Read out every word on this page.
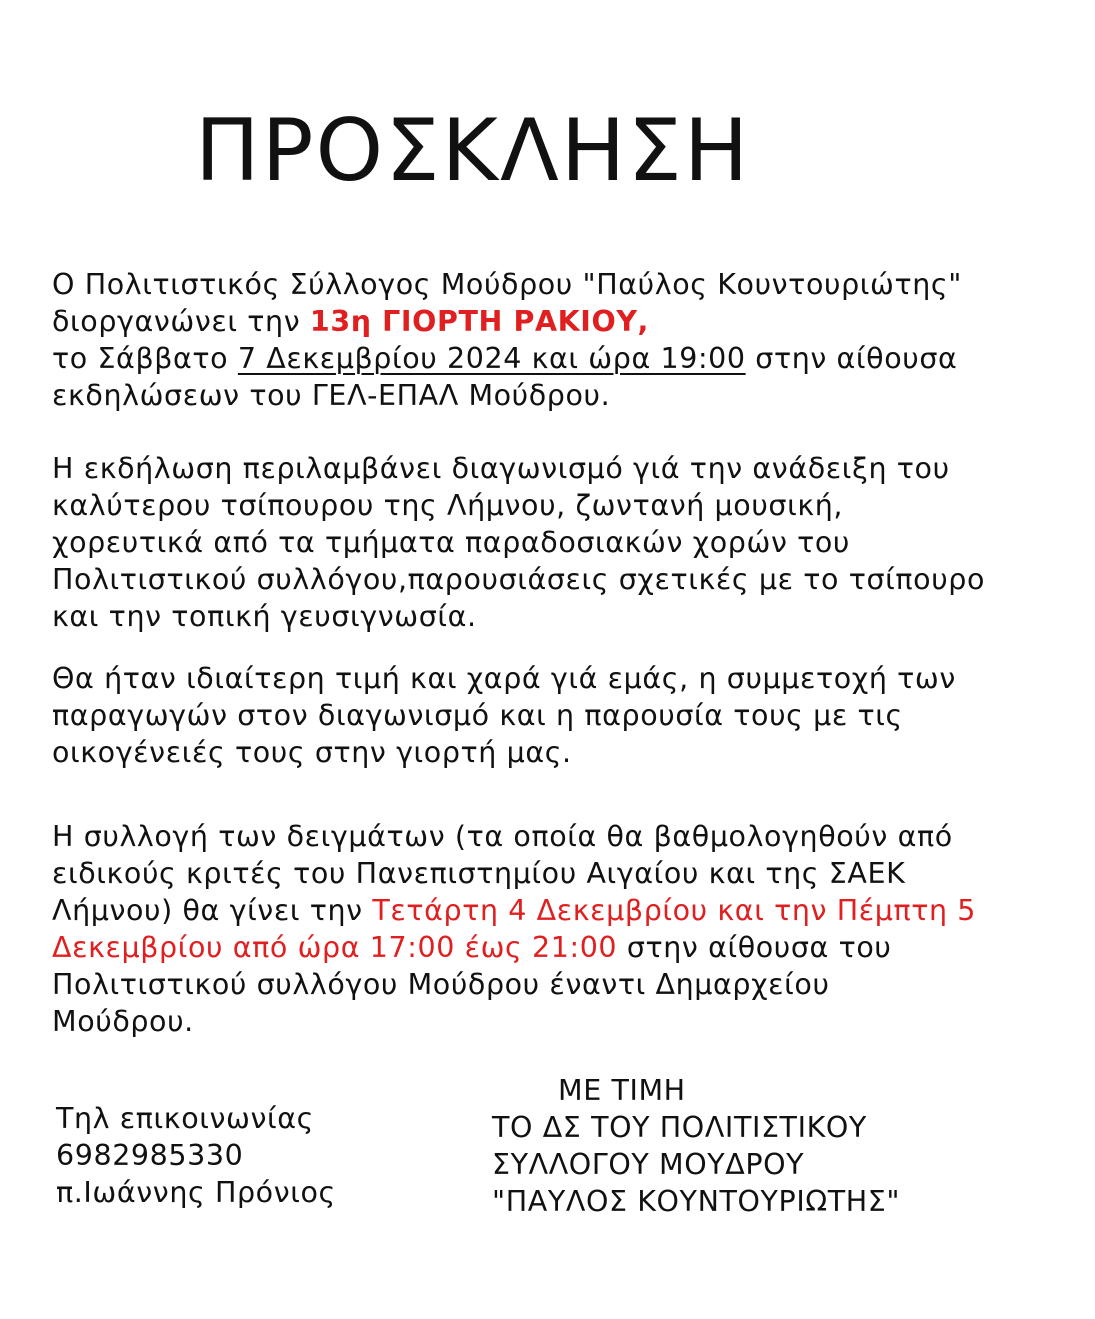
ΠΡΟΣΚΛΗΣΗ
Ο Πολιτιστικός Σύλλογος Μούδρου "Παύλος Κουντουριώτης"
διοργανώνει την 13η ΓΙΟΡΤΗ ΡΑΚΙΟΥ,
το Σάββατο 7 Δεκεμβρίου 2024 και ώρα 19:00 στην αίθουσα
εκδηλώσεων του ΓΕΛ-ΕΠΑΛ Μούδρου.
Η εκδήλωση περιλαμβάνει διαγωνισμό γιά την ανάδειξη του
καλύτερου τσίπουρου της Λήμνου, ζωντανή μουσική,
χορευτικά από τα τμήματα παραδοσιακών χορών του
Πολιτιστικού συλλόγου,παρουσιάσεις σχετικές με το τσίπουρο
και την τοπική γευσιγνωσία.
Θα ήταν ιδιαίτερη τιμή και χαρά γιά εμάς, η συμμετοχή των
παραγωγών στον διαγωνισμό και η παρουσία τους με τις
οικογένειές τους στην γιορτή μας.
Η συλλογή των δειγμάτων (τα οποία θα βαθμολογηθούν από
ειδικούς κριτές του Πανεπιστημίου Αιγαίου και της ΣΑΕΚ
Λήμνου) θα γίνει την Τετάρτη 4 Δεκεμβρίου και την Πέμπτη 5
Δεκεμβρίου από ώρα 17:00 έως 21:00 στην αίθουσα του
Πολιτιστικού συλλόγου Μούδρου έναντι Δημαρχείου
Μούδρου.
Τηλ επικοινωνίας
6982985330
π.Ιωάννης Πρόνιος
ΜΕ ΤΙΜΗ
ΤΟ ΔΣ ΤΟΥ ΠΟΛΙΤΙΣΤΙΚΟΥ
ΣΥΛΛΟΓΟΥ ΜΟΥΔΡΟΥ
"ΠΑΥΛΟΣ ΚΟΥΝΤΟΥΡΙΩΤΗΣ"
